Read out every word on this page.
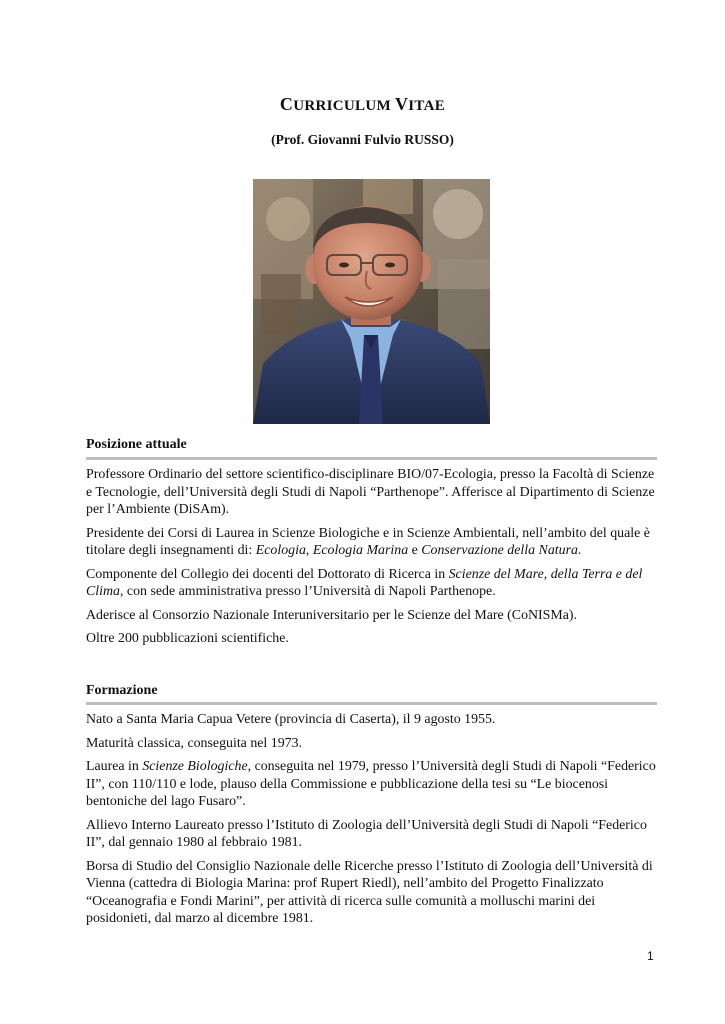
CURRICULUM VITAE
(Prof. Giovanni Fulvio RUSSO)
Posizione attuale

Professore Ordinario del settore scientifico-disciplinare BIO/07-Ecologia, presso la Facoltà di Scienze e Tecnologie, dell’Università degli Studi di Napoli “Parthenope”. Afferisce al Dipartimento di Scienze per l’Ambiente (DiSAm).

Presidente dei Corsi di Laurea in Scienze Biologiche e in Scienze Ambientali, nell’ambito del quale è titolare degli insegnamenti di: Ecologia, Ecologia Marina e Conservazione della Natura.

Componente del Collegio dei docenti del Dottorato di Ricerca in Scienze del Mare, della Terra e del Clima, con sede amministrativa presso l’Università di Napoli Parthenope.

Aderisce al Consorzio Nazionale Interuniversitario per le Scienze del Mare (CoNISMa).

Oltre 200 pubblicazioni scientifiche.

Formazione

Nato a Santa Maria Capua Vetere (provincia di Caserta), il 9 agosto 1955.

Maturità classica, conseguita nel 1973.

Laurea in Scienze Biologiche, conseguita nel 1979, presso l’Università degli Studi di Napoli “Federico II”, con 110/110 e lode, plauso della Commissione e pubblicazione della tesi su “Le biocenosi bentoniche del lago Fusaro”.

Allievo Interno Laureato presso l’Istituto di Zoologia dell’Università degli Studi di Napoli “Federico II”, dal gennaio 1980 al febbraio 1981.

Borsa di Studio del Consiglio Nazionale delle Ricerche presso l’Istituto di Zoologia dell’Università di Vienna (cattedra di Biologia Marina: prof Rupert Riedl), nell’ambito del Progetto Finalizzato “Oceanografia e Fondi Marini”, per attività di ricerca sulle comunità a molluschi marini dei posidonieti, dal marzo al dicembre 1981.

1
